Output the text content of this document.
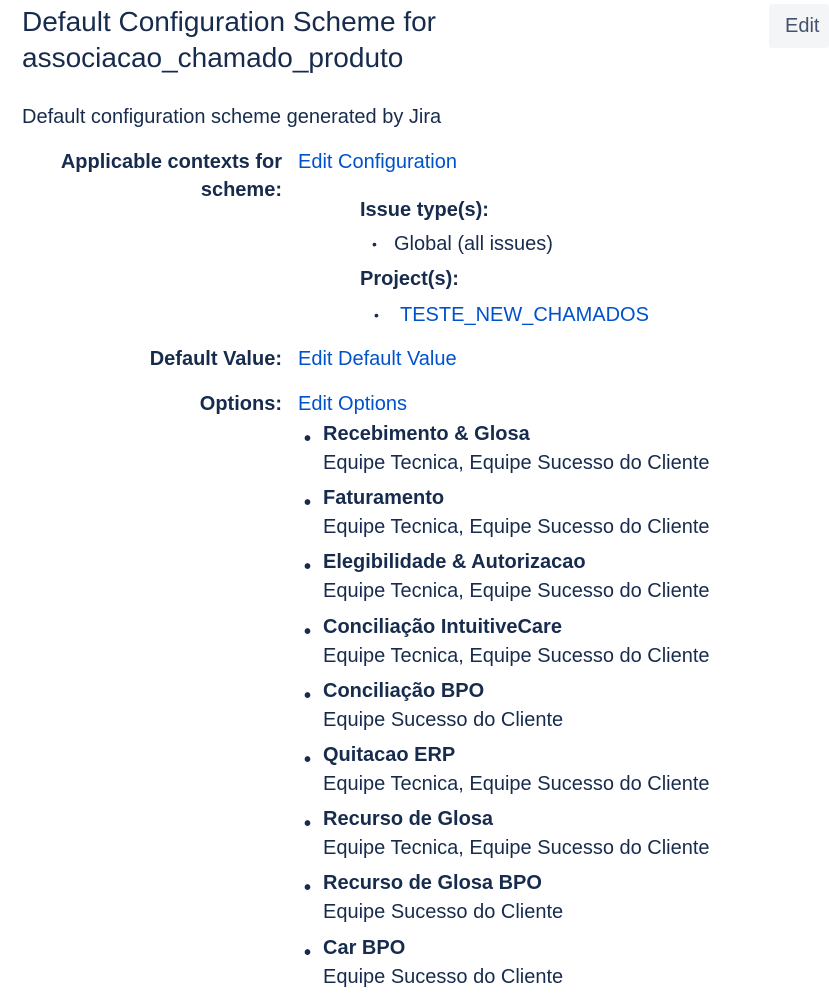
Default Configuration Scheme for associacao_chamado_produto
Edit
Default configuration scheme generated by Jira
Applicable contexts for scheme:
Edit Configuration
Issue type(s):
• Global (all issues)
Project(s):
• TESTE_NEW_CHAMADOS
Default Value: Edit Default Value
Options: Edit Options
• Recebimento & Glosa
Equipe Tecnica, Equipe Sucesso do Cliente
• Faturamento
Equipe Tecnica, Equipe Sucesso do Cliente
• Elegibilidade & Autorizacao
Equipe Tecnica, Equipe Sucesso do Cliente
• Conciliação IntuitiveCare
Equipe Tecnica, Equipe Sucesso do Cliente
• Conciliação BPO
Equipe Sucesso do Cliente
• Quitacao ERP
Equipe Tecnica, Equipe Sucesso do Cliente
• Recurso de Glosa
Equipe Tecnica, Equipe Sucesso do Cliente
• Recurso de Glosa BPO
Equipe Sucesso do Cliente
• Car BPO
Equipe Sucesso do Cliente
